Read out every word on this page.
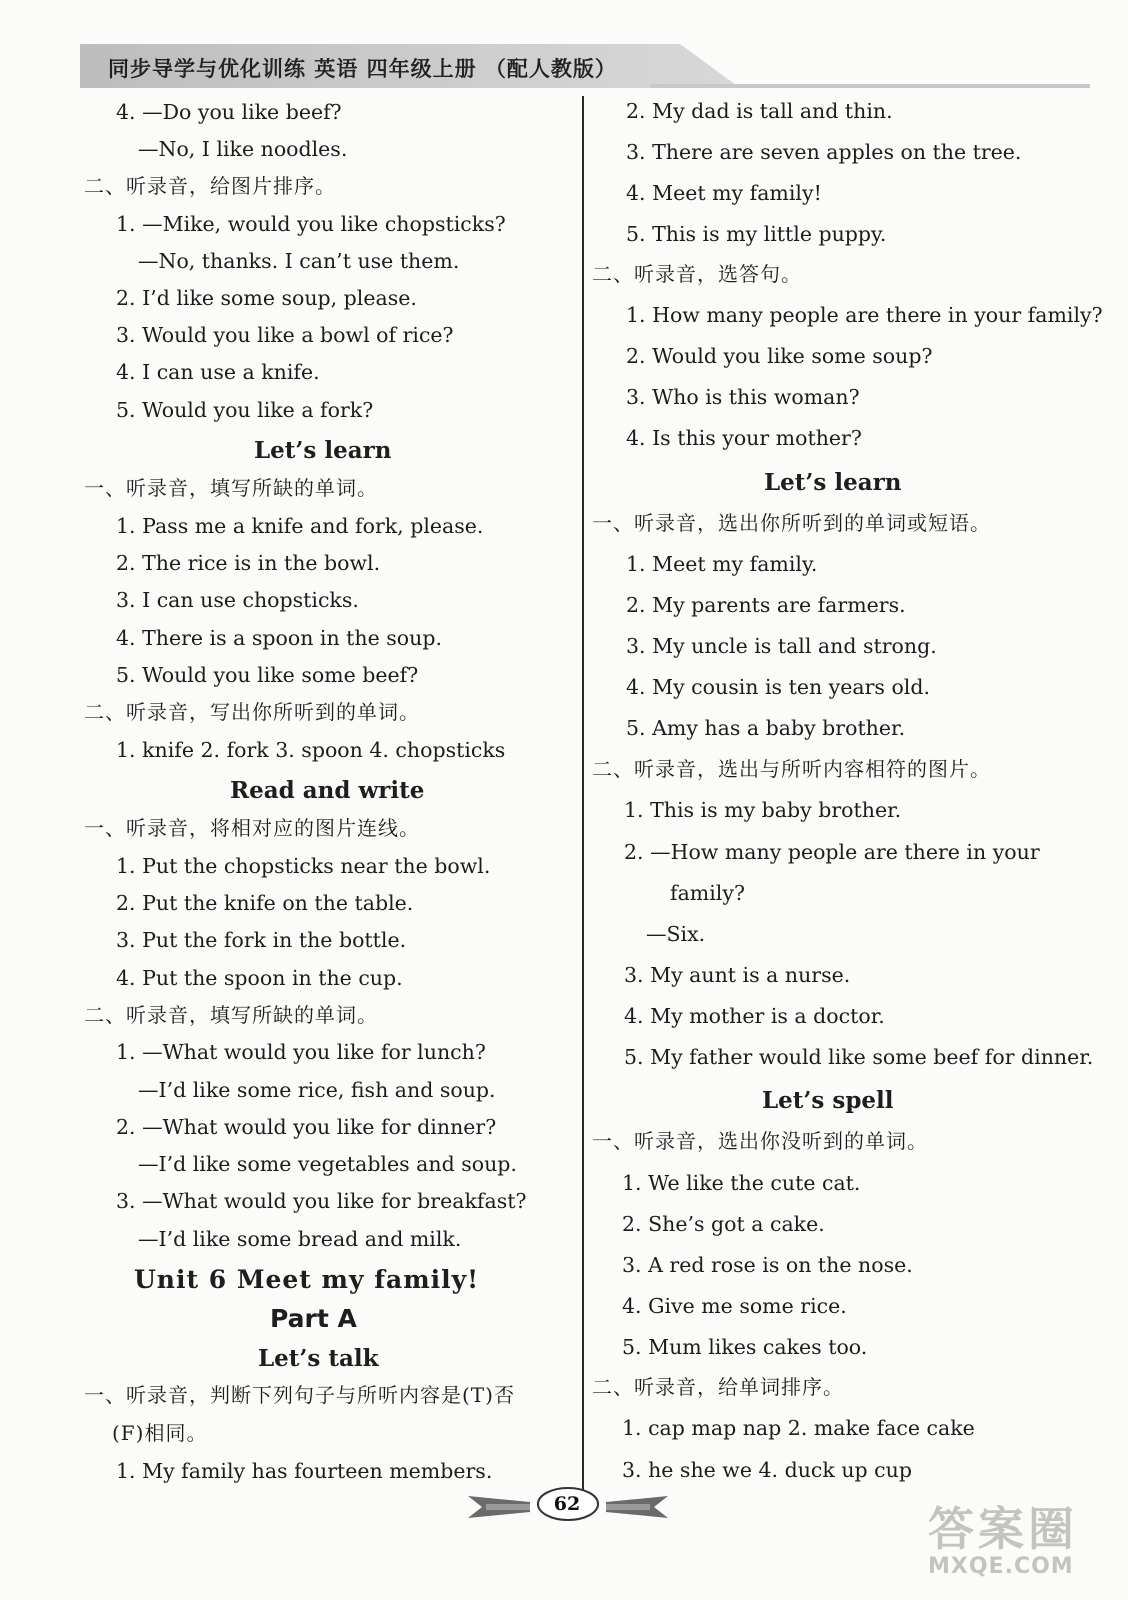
同步导学与优化训练 英语 四年级上册 （配人教版）
4. —Do you like beef?
—No, I like noodles.
二、听录音，给图片排序。
1. —Mike, would you like chopsticks?
—No, thanks. I can’t use them.
2. I’d like some soup, please.
3. Would you like a bowl of rice?
4. I can use a knife.
5. Would you like a fork?
Let’s learn
一、听录音，填写所缺的单词。
1. Pass me a knife and fork, please.
2. The rice is in the bowl.
3. I can use chopsticks.
4. There is a spoon in the soup.
5. Would you like some beef?
二、听录音，写出你所听到的单词。
1. knife 2. fork 3. spoon 4. chopsticks
Read and write
一、听录音，将相对应的图片连线。
1. Put the chopsticks near the bowl.
2. Put the knife on the table.
3. Put the fork in the bottle.
4. Put the spoon in the cup.
二、听录音，填写所缺的单词。
1. —What would you like for lunch?
—I’d like some rice, fish and soup.
2. —What would you like for dinner?
—I’d like some vegetables and soup.
3. —What would you like for breakfast?
—I’d like some bread and milk.
Unit 6 Meet my family!
Part A
Let’s talk
一、听录音，判断下列句子与所听内容是(T)否
(F)相同。
1. My family has fourteen members.
2. My dad is tall and thin.
3. There are seven apples on the tree.
4. Meet my family!
5. This is my little puppy.
二、听录音，选答句。
1. How many people are there in your family?
2. Would you like some soup?
3. Who is this woman?
4. Is this your mother?
Let’s learn
一、听录音，选出你所听到的单词或短语。
1. Meet my family.
2. My parents are farmers.
3. My uncle is tall and strong.
4. My cousin is ten years old.
5. Amy has a baby brother.
二、听录音，选出与所听内容相符的图片。
1. This is my baby brother.
2. —How many people are there in your
family?
—Six.
3. My aunt is a nurse.
4. My mother is a doctor.
5. My father would like some beef for dinner.
Let’s spell
一、听录音，选出你没听到的单词。
1. We like the cute cat.
2. She’s got a cake.
3. A red rose is on the nose.
4. Give me some rice.
5. Mum likes cakes too.
二、听录音，给单词排序。
1. cap map nap 2. make face cake
3. he she we 4. duck up cup
62	答案圈
MXQE.COM
